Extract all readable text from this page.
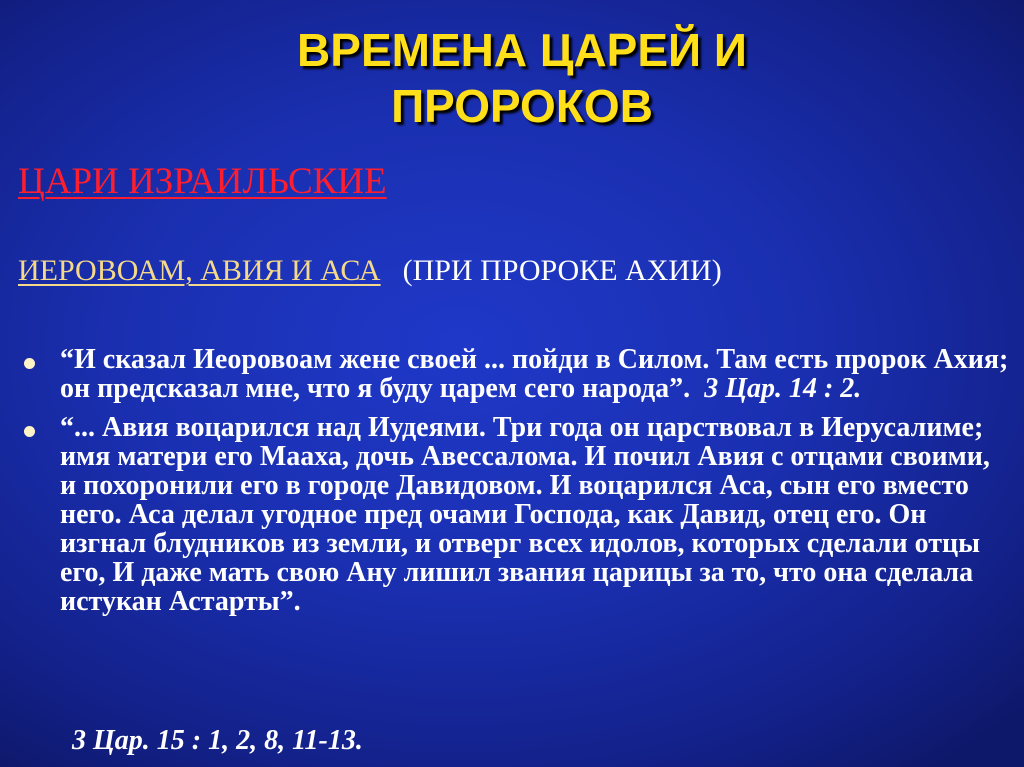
ВРЕМЕНА ЦАРЕЙ И
ПРОРОКОВ
ЦАРИ ИЗРАИЛЬСКИЕ
ИЕРОВОАМ, АВИЯ И АСА (ПРИ ПРОРОКЕ АХИИ)
“И сказал Иеоровоам жене своей ... пойди в Силом. Там есть пророк Ахия; он предсказал мне, что я буду царем сего народа”. 3 Цар. 14 : 2.
“... Авия воцарился над Иудеями. Три года он царствовал в Иерусалиме; имя матери его Мааха, дочь Авессалома. И почил Авия с отцами своими, и похоронили его в городе Давидовом. И воцарился Аса, сын его вместо него. Аса делал угодное пред очами Господа, как Давид, отец его. Он изгнал блудников из земли, и отверг всех идолов, которых сделали отцы его, И даже мать свою Ану лишил звания царицы за то, что она сделала истукан Астарты”.
3 Цар. 15 : 1, 2, 8, 11-13.
